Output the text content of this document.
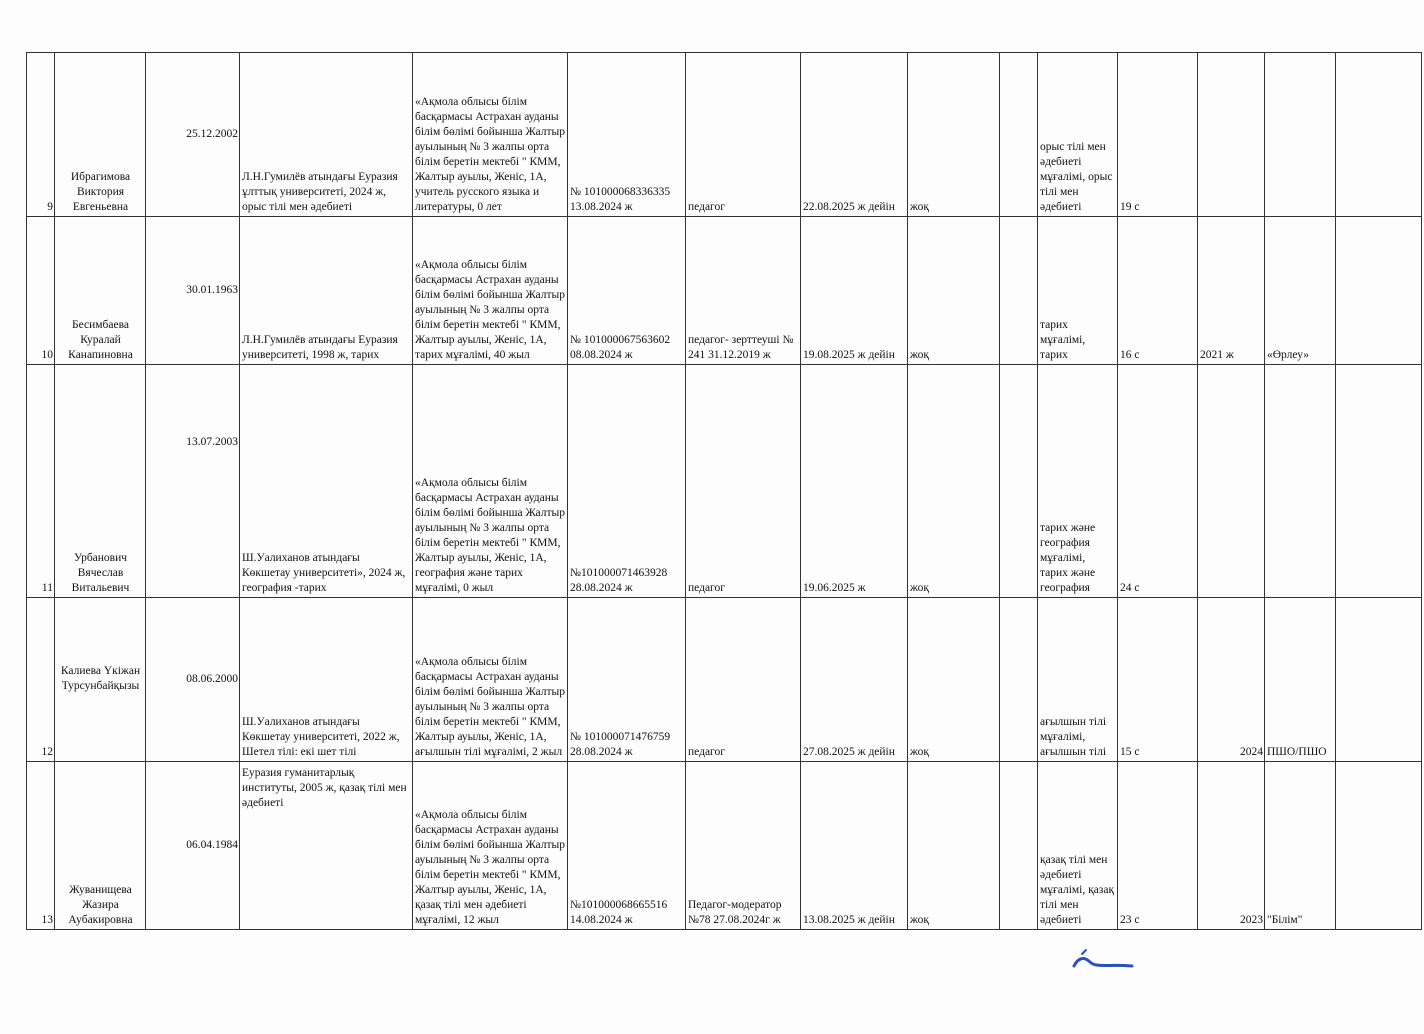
9	Ибрагимова Виктория Евгеньевна	25.12.2002	Л.Н.Гумилёв атындағы Еуразия ұлттық университеті, 2024 ж, орыс тілі мен әдебиеті	«Ақмола облысы білім басқармасы Астрахан ауданы білім бөлімі бойынша Жалтыр ауылының № 3 жалпы орта білім беретін мектебі " КММ, Жалтыр ауылы, Женіс, 1А, учитель русского языка и литературы, 0 лет	№ 101000068336335 13.08.2024 ж	педагог	22.08.2025 ж дейін	жоқ		орыс тілі мен әдебиеті мұғалімі, орыс тілі мен әдебиеті	19 с			
10	Бесимбаева Куралай Канапиновна	30.01.1963	Л.Н.Гумилёв атындағы Еуразия университеті, 1998 ж, тарих	«Ақмола облысы білім басқармасы Астрахан ауданы білім бөлімі бойынша Жалтыр ауылының № 3 жалпы орта білім беретін мектебі " КММ, Жалтыр ауылы, Женіс, 1А, тарих мұғалімі, 40 жыл	№ 101000067563602 08.08.2024 ж	педагог- зерттеуші № 241 31.12.2019 ж	19.08.2025 ж дейін	жоқ		тарих мұғалімі, тарих	16 с	2021 ж	«Өрлеу»	
11	Урбанович Вячеслав Витальевич	13.07.2003	Ш.Уалиханов атындағы Көкшетау университеті», 2024 ж, география -тарих	«Ақмола облысы білім басқармасы Астрахан ауданы білім бөлімі бойынша Жалтыр ауылының № 3 жалпы орта білім беретін мектебі " КММ, Жалтыр ауылы, Женіс, 1А, география және тарих мұғалімі, 0 жыл	№101000071463928 28.08.2024 ж	педагог	19.06.2025 ж	жоқ		тарих және география мұғалімі, тарих және география	24 с			
12	Калиева Үкіжан Турсунбайқызы	08.06.2000	Ш.Уалиханов атындағы Көкшетау университеті, 2022 ж, Шетел тілі: екі шет тілі	«Ақмола облысы білім басқармасы Астрахан ауданы білім бөлімі бойынша Жалтыр ауылының № 3 жалпы орта білім беретін мектебі " КММ, Жалтыр ауылы, Женіс, 1А, ағылшын тілі мұғалімі, 2 жыл	№ 101000071476759 28.08.2024 ж	педагог	27.08.2025 ж дейін	жоқ		ағылшын тілі мұғалімі, ағылшын тілі	15 с	2024	ПШО/ПШО	
13	Жуванищева Жазира Аубакировна	06.04.1984	Еуразия гуманитарлық институты, 2005 ж, қазақ тілі мен әдебиеті	«Ақмола облысы білім басқармасы Астрахан ауданы білім бөлімі бойынша Жалтыр ауылының № 3 жалпы орта білім беретін мектебі " КММ, Жалтыр ауылы, Женіс, 1А, қазақ тілі мен әдебиеті мұғалімі, 12 жыл	№101000068665516 14.08.2024 ж	Педагог-модератор №78 27.08.2024г ж	13.08.2025 ж дейін	жоқ		қазақ тілі мен әдебиеті мұғалімі, қазақ тілі мен әдебиеті	23 с	2023	"Білім"	
